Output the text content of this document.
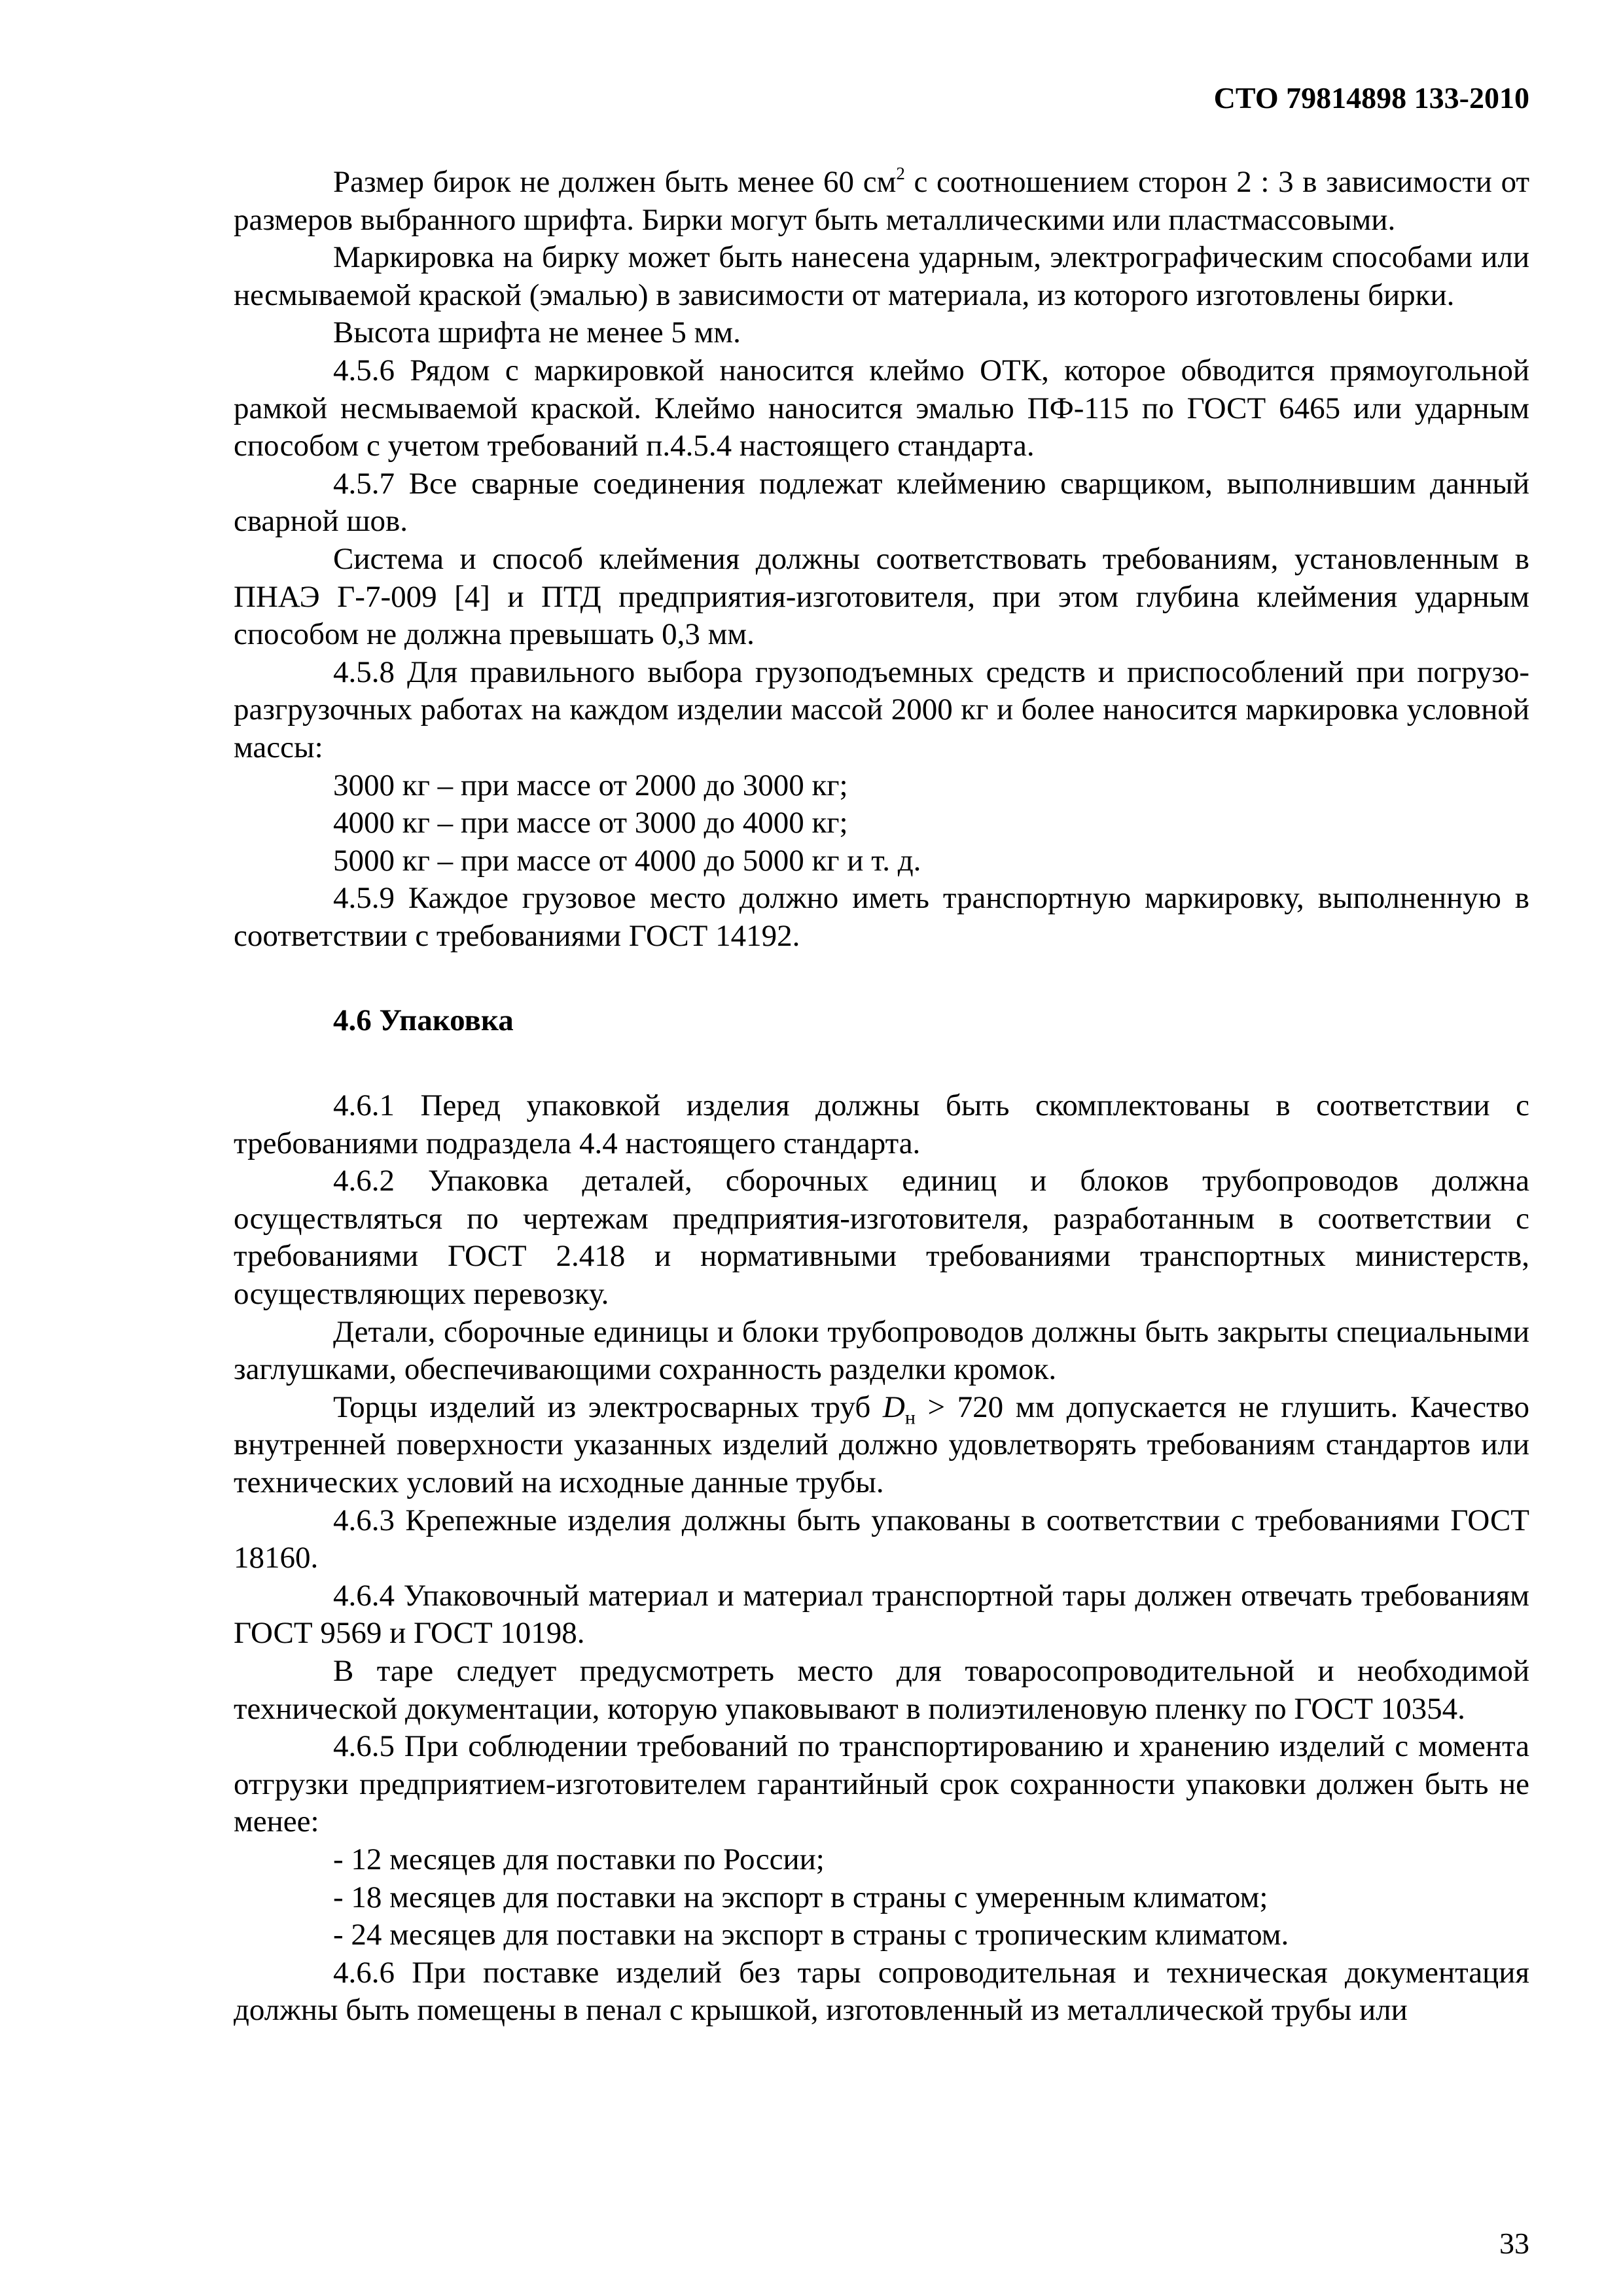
СТО 79814898 133-2010

Размер бирок не должен быть менее 60 $см^2$ с соотношением сторон 2 : 3 в зависимости от размеров выбранного шрифта. Бирки могут быть металлическими или пластмассовыми.

Маркировка на бирку может быть нанесена ударным, электрографическим способами или несмываемой краской (эмалью) в зависимости от материала, из которого изготовлены бирки.

Высота шрифта не менее 5 мм.

4.5.6 Рядом с маркировкой наносится клеймо ОТК, которое обводится прямоугольной рамкой несмываемой краской. Клеймо наносится эмалью ПФ-115 по ГОСТ 6465 или ударным способом с учетом требований п.4.5.4 настоящего стандарта.

4.5.7 Все сварные соединения подлежат клеймению сварщиком, выполнившим данный сварной шов.

Система и способ клеймения должны соответствовать требованиям, установленным в ПНАЭ Г-7-009 [4] и ПТД предприятия-изготовителя, при этом глубина клеймения ударным способом не должна превышать 0,3 мм.

4.5.8 Для правильного выбора грузоподъемных средств и приспособлений при погрузо-разгрузочных работах на каждом изделии массой 2000 кг и более наносится маркировка условной массы:

3000 кг – при массе от 2000 до 3000 кг;

4000 кг – при массе от 3000 до 4000 кг;

5000 кг – при массе от 4000 до 5000 кг и т. д.

4.5.9 Каждое грузовое место должно иметь транспортную маркировку, выполненную в соответствии с требованиями ГОСТ 14192.

4.6 Упаковка

4.6.1 Перед упаковкой изделия должны быть скомплектованы в соответствии с требованиями подраздела 4.4 настоящего стандарта.

4.6.2 Упаковка деталей, сборочных единиц и блоков трубопроводов должна осуществляться по чертежам предприятия-изготовителя, разработанным в соответствии с требованиями ГОСТ 2.418 и нормативными требованиями транспортных министерств, осуществляющих перевозку.

Детали, сборочные единицы и блоки трубопроводов должны быть закрыты специальными заглушками, обеспечивающими сохранность разделки кромок.

Торцы изделий из электросварных труб $D_н > 720$ мм допускается не глушить. Качество внутренней поверхности указанных изделий должно удовлетворять требованиям стандартов или технических условий на исходные данные трубы.

4.6.3 Крепежные изделия должны быть упакованы в соответствии с требованиями ГОСТ 18160.

4.6.4 Упаковочный материал и материал транспортной тары должен отвечать требованиям ГОСТ 9569 и ГОСТ 10198.

В таре следует предусмотреть место для товаросопроводительной и необходимой технической документации, которую упаковывают в полиэтиленовую пленку по ГОСТ 10354.

4.6.5 При соблюдении требований по транспортированию и хранению изделий с момента отгрузки предприятием-изготовителем гарантийный срок сохранности упаковки должен быть не менее:

- 12 месяцев для поставки по России;

- 18 месяцев для поставки на экспорт в страны с умеренным климатом;

- 24 месяцев для поставки на экспорт в страны с тропическим климатом.

4.6.6 При поставке изделий без тары сопроводительная и техническая документация должны быть помещены в пенал с крышкой, изготовленный из металлической трубы или

33
